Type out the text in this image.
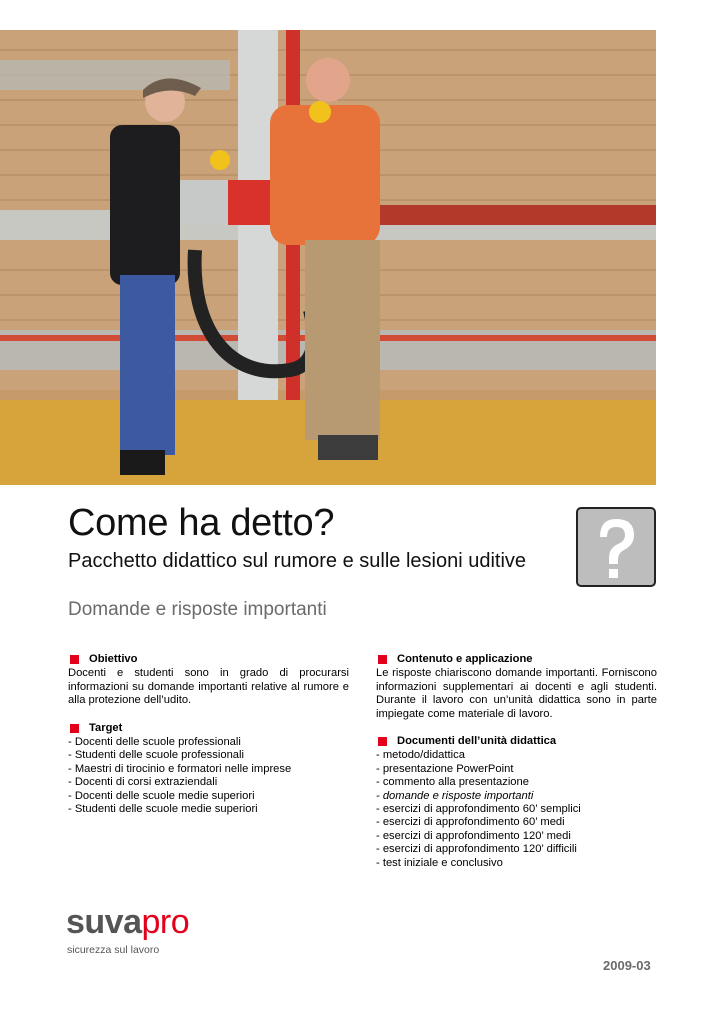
Come ha detto?
Pacchetto didattico sul rumore e sulle lesioni uditive
Domande e risposte importanti
Obiettivo

Docenti e studenti sono in grado di procurarsi informazioni su domande importanti relative al rumore e alla protezione dell’udito.

Target
- Docenti delle scuole professionali
- Studenti delle scuole professionali
- Maestri di tirocinio e formatori nelle imprese
- Docenti di corsi extraziendali
- Docenti delle scuole medie superiori
- Studenti delle scuole medie superiori
Contenuto e applicazione

Le risposte chiariscono domande importanti. Forniscono informazioni supplementari ai docenti e agli studenti. Durante il lavoro con un’unità didattica sono in parte impiegate come materiale di lavoro.

Documenti dell’unità didattica
- metodo/didattica
- presentazione PowerPoint
- commento alla presentazione
- domande e risposte importanti
- esercizi di approfondimento 60’ semplici
- esercizi di approfondimento 60’ medi
- esercizi di approfondimento 120’ medi
- esercizi di approfondimento 120’ difficili
- test iniziale e conclusivo
suvapro
sicurezza sul lavoro
2009-03
